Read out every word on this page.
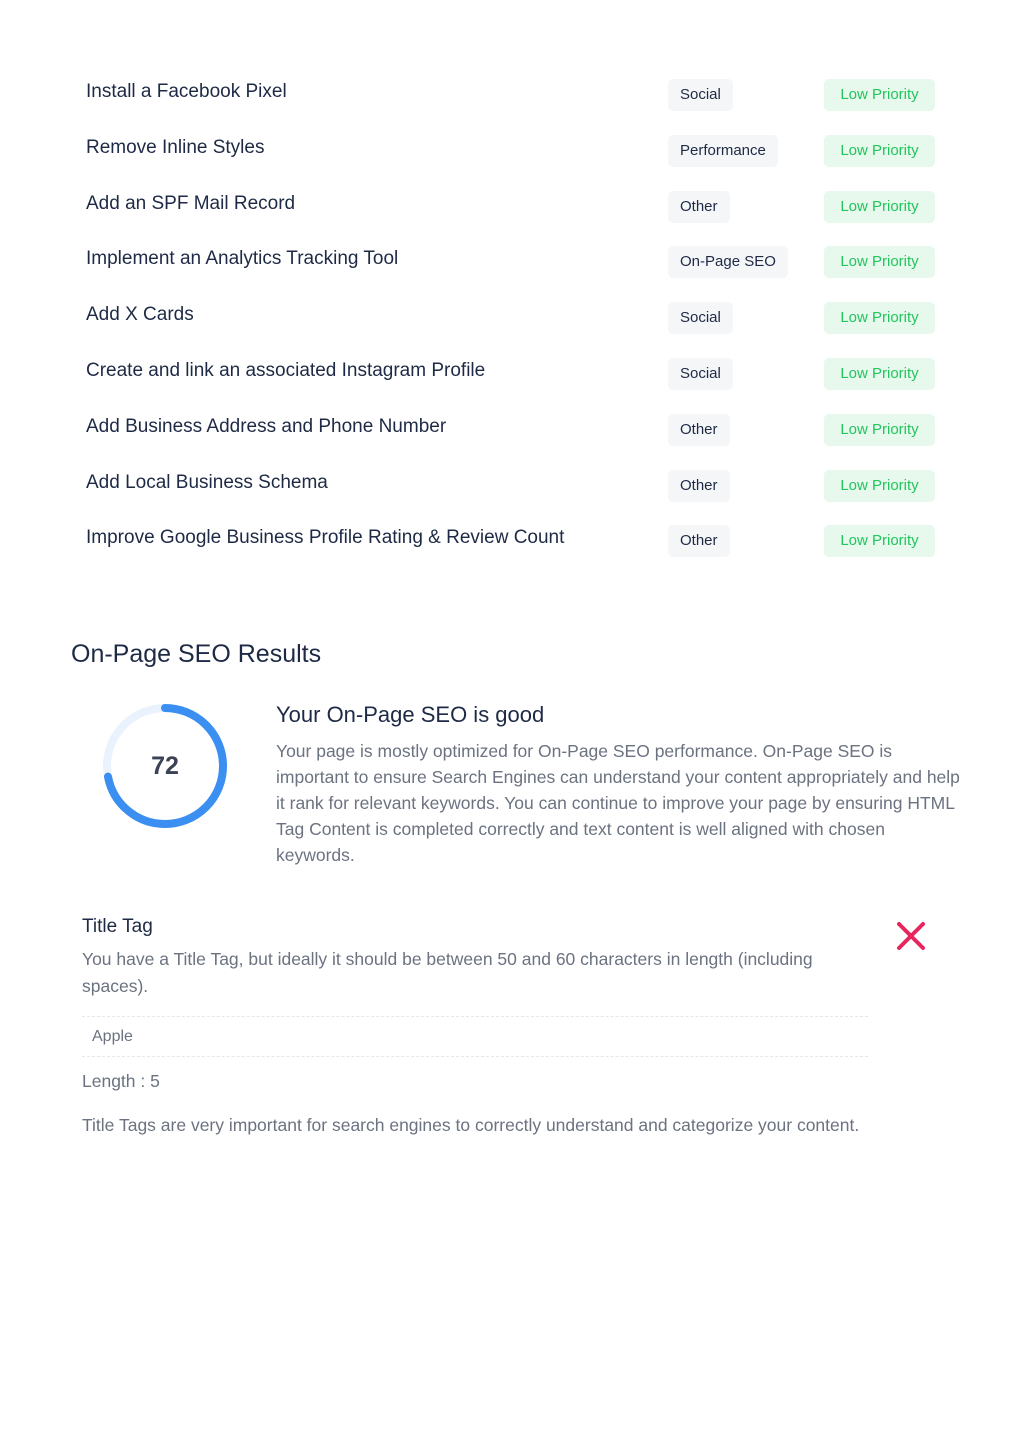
Install a Facebook Pixel	Social	Low Priority
Remove Inline Styles	Performance	Low Priority
Add an SPF Mail Record	Other	Low Priority
Implement an Analytics Tracking Tool	On-Page SEO	Low Priority
Add X Cards	Social	Low Priority
Create and link an associated Instagram Profile	Social	Low Priority
Add Business Address and Phone Number	Other	Low Priority
Add Local Business Schema	Other	Low Priority
Improve Google Business Profile Rating & Review Count	Other	Low Priority
On-Page SEO Results
72
Your On-Page SEO is good

Your page is mostly optimized for On-Page SEO performance. On-Page SEO is important to ensure Search Engines can understand your content appropriately and help it rank for relevant keywords. You can continue to improve your page by ensuring HTML Tag Content is completed correctly and text content is well aligned with chosen keywords.

Title Tag

You have a Title Tag, but ideally it should be between 50 and 60 characters in length (including spaces).

Apple
Length : 5
Title Tags are very important for search engines to correctly understand and categorize your content.
